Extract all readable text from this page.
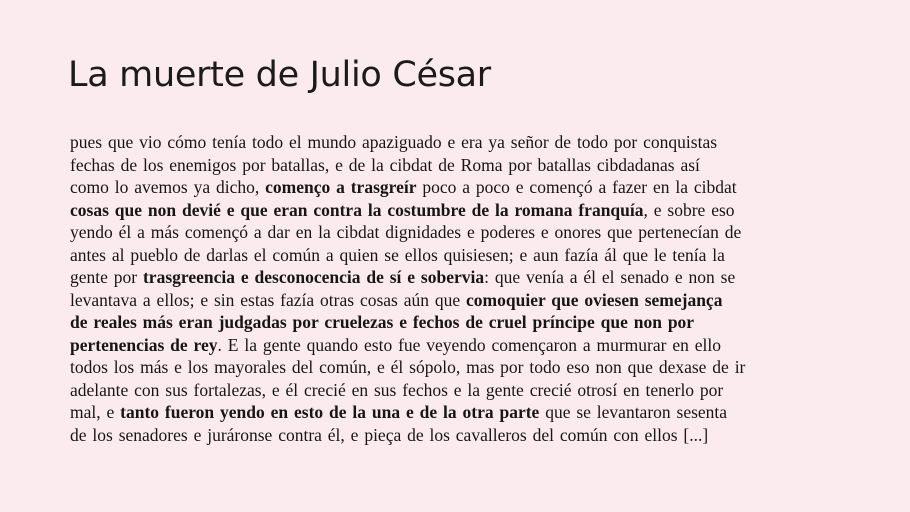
La muerte de Julio César
pues que vio cómo tenía todo el mundo apaziguado e era ya señor de todo por conquistas
fechas de los enemigos por batallas, e de la cibdat de Roma por batallas cibdadanas así
como lo avemos ya dicho, començo a trasgreír poco a poco e començó a fazer en la cibdat
cosas que non devié e que eran contra la costumbre de la romana franquía, e sobre eso
yendo él a más començó a dar en la cibdat dignidades e poderes e onores que pertenecían de
antes al pueblo de darlas el común a quien se ellos quisiesen; e aun fazía ál que le tenía la
gente por trasgreencia e desconocencia de sí e sobervia: que venía a él el senado e non se
levantava a ellos; e sin estas fazía otras cosas aún que comoquier que oviesen semejança
de reales más eran judgadas por cruelezas e fechos de cruel príncipe que non por
pertenencias de rey. E la gente quando esto fue veyendo començaron a murmurar en ello
todos los más e los mayorales del común, e él sópolo, mas por todo eso non que dexase de ir
adelante con sus fortalezas, e él crecié en sus fechos e la gente crecié otrosí en tenerlo por
mal, e tanto fueron yendo en esto de la una e de la otra parte que se levantaron sesenta
de los senadores e juráronse contra él, e pieça de los cavalleros del común con ellos [...]
